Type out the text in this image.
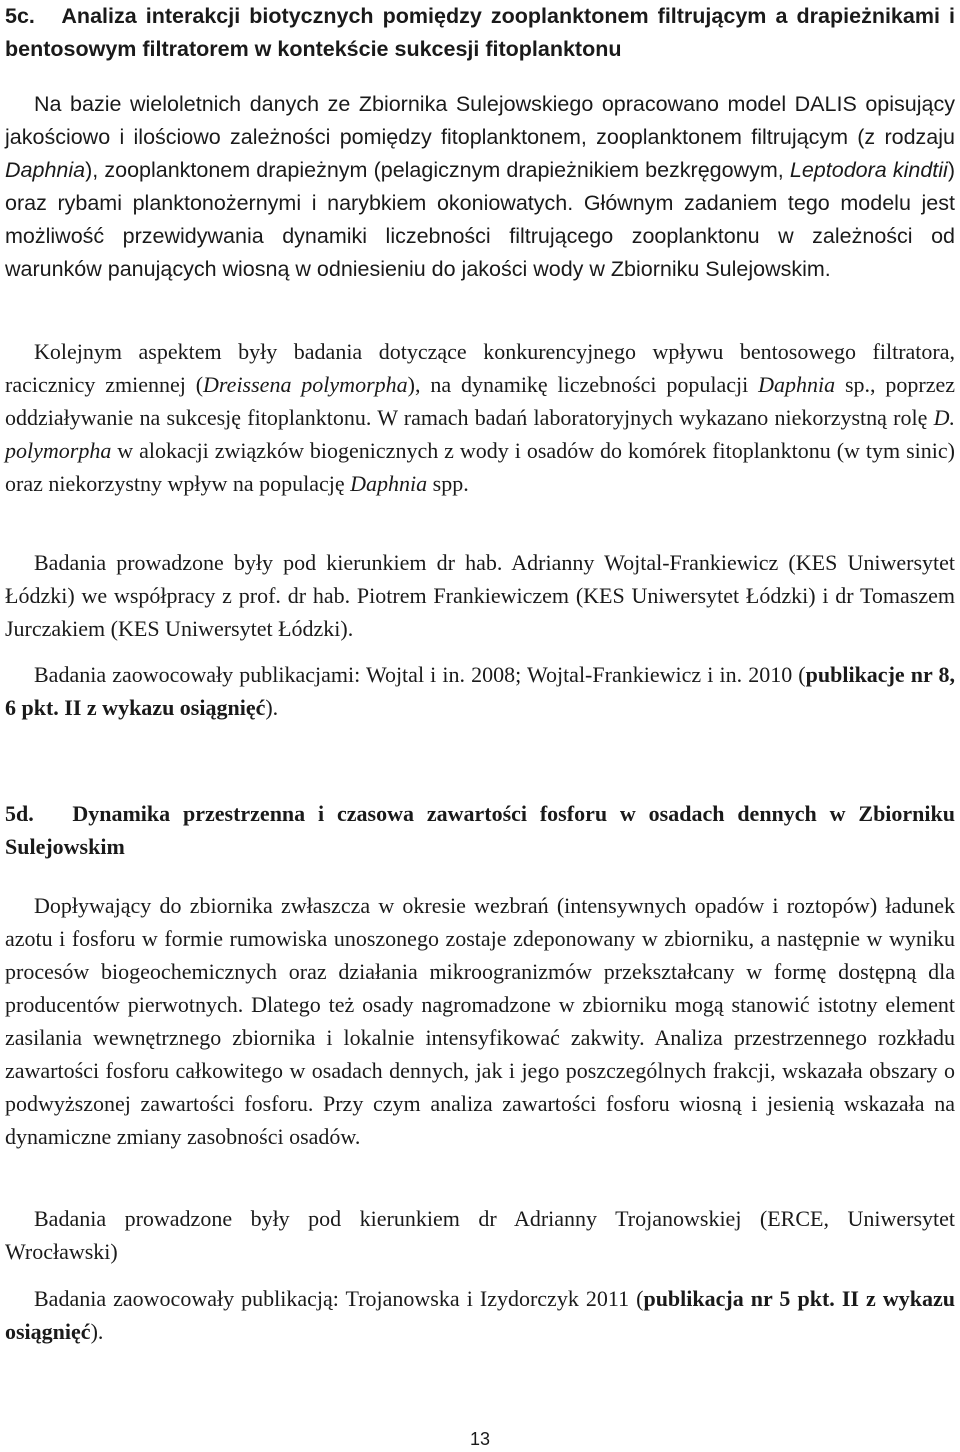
5c. Analiza interakcji biotycznych pomiędzy zooplanktonem filtrującym a drapieżnikami i bentosowym filtratorem w kontekście sukcesji fitoplanktonu

Na bazie wieloletnich danych ze Zbiornika Sulejowskiego opracowano model DALIS opisujący jakościowo i ilościowo zależności pomiędzy fitoplanktonem, zooplanktonem filtrującym (z rodzaju Daphnia), zooplanktonem drapieżnym (pelagicznym drapieżnikiem bezkręgowym, Leptodora kindtii) oraz rybami planktonożernymi i narybkiem okoniowatych. Głównym zadaniem tego modelu jest możliwość przewidywania dynamiki liczebności filtrującego zooplanktonu w zależności od warunków panujących wiosną w odniesieniu do jakości wody w Zbiorniku Sulejowskim.

Kolejnym aspektem były badania dotyczące konkurencyjnego wpływu bentosowego filtratora, racicznicy zmiennej (Dreissena polymorpha), na dynamikę liczebności populacji Daphnia sp., poprzez oddziaływanie na sukcesję fitoplanktonu. W ramach badań laboratoryjnych wykazano niekorzystną rolę D. polymorpha w alokacji związków biogenicznych z wody i osadów do komórek fitoplanktonu (w tym sinic) oraz niekorzystny wpływ na populację Daphnia spp.

Badania prowadzone były pod kierunkiem dr hab. Adrianny Wojtal-Frankiewicz (KES Uniwersytet Łódzki) we współpracy z prof. dr hab. Piotrem Frankiewiczem (KES Uniwersytet Łódzki) i dr Tomaszem Jurczakiem (KES Uniwersytet Łódzki).

Badania zaowocowały publikacjami: Wojtal i in. 2008; Wojtal-Frankiewicz i in. 2010 (publikacje nr 8, 6 pkt. II z wykazu osiągnięć).

5d. Dynamika przestrzenna i czasowa zawartości fosforu w osadach dennych w Zbiorniku Sulejowskim

Dopływający do zbiornika zwłaszcza w okresie wezbrań (intensywnych opadów i roztopów) ładunek azotu i fosforu w formie rumowiska unoszonego zostaje zdeponowany w zbiorniku, a następnie w wyniku procesów biogeochemicznych oraz działania mikroogranizmów przekształcany w formę dostępną dla producentów pierwotnych. Dlatego też osady nagromadzone w zbiorniku mogą stanowić istotny element zasilania wewnętrznego zbiornika i lokalnie intensyfikować zakwity. Analiza przestrzennego rozkładu zawartości fosforu całkowitego w osadach dennych, jak i jego poszczególnych frakcji, wskazała obszary o podwyższonej zawartości fosforu. Przy czym analiza zawartości fosforu wiosną i jesienią wskazała na dynamiczne zmiany zasobności osadów.

Badania prowadzone były pod kierunkiem dr Adrianny Trojanowskiej (ERCE, Uniwersytet Wrocławski)

Badania zaowocowały publikacją: Trojanowska i Izydorczyk 2011 (publikacja nr 5 pkt. II z wykazu osiągnięć).

13
